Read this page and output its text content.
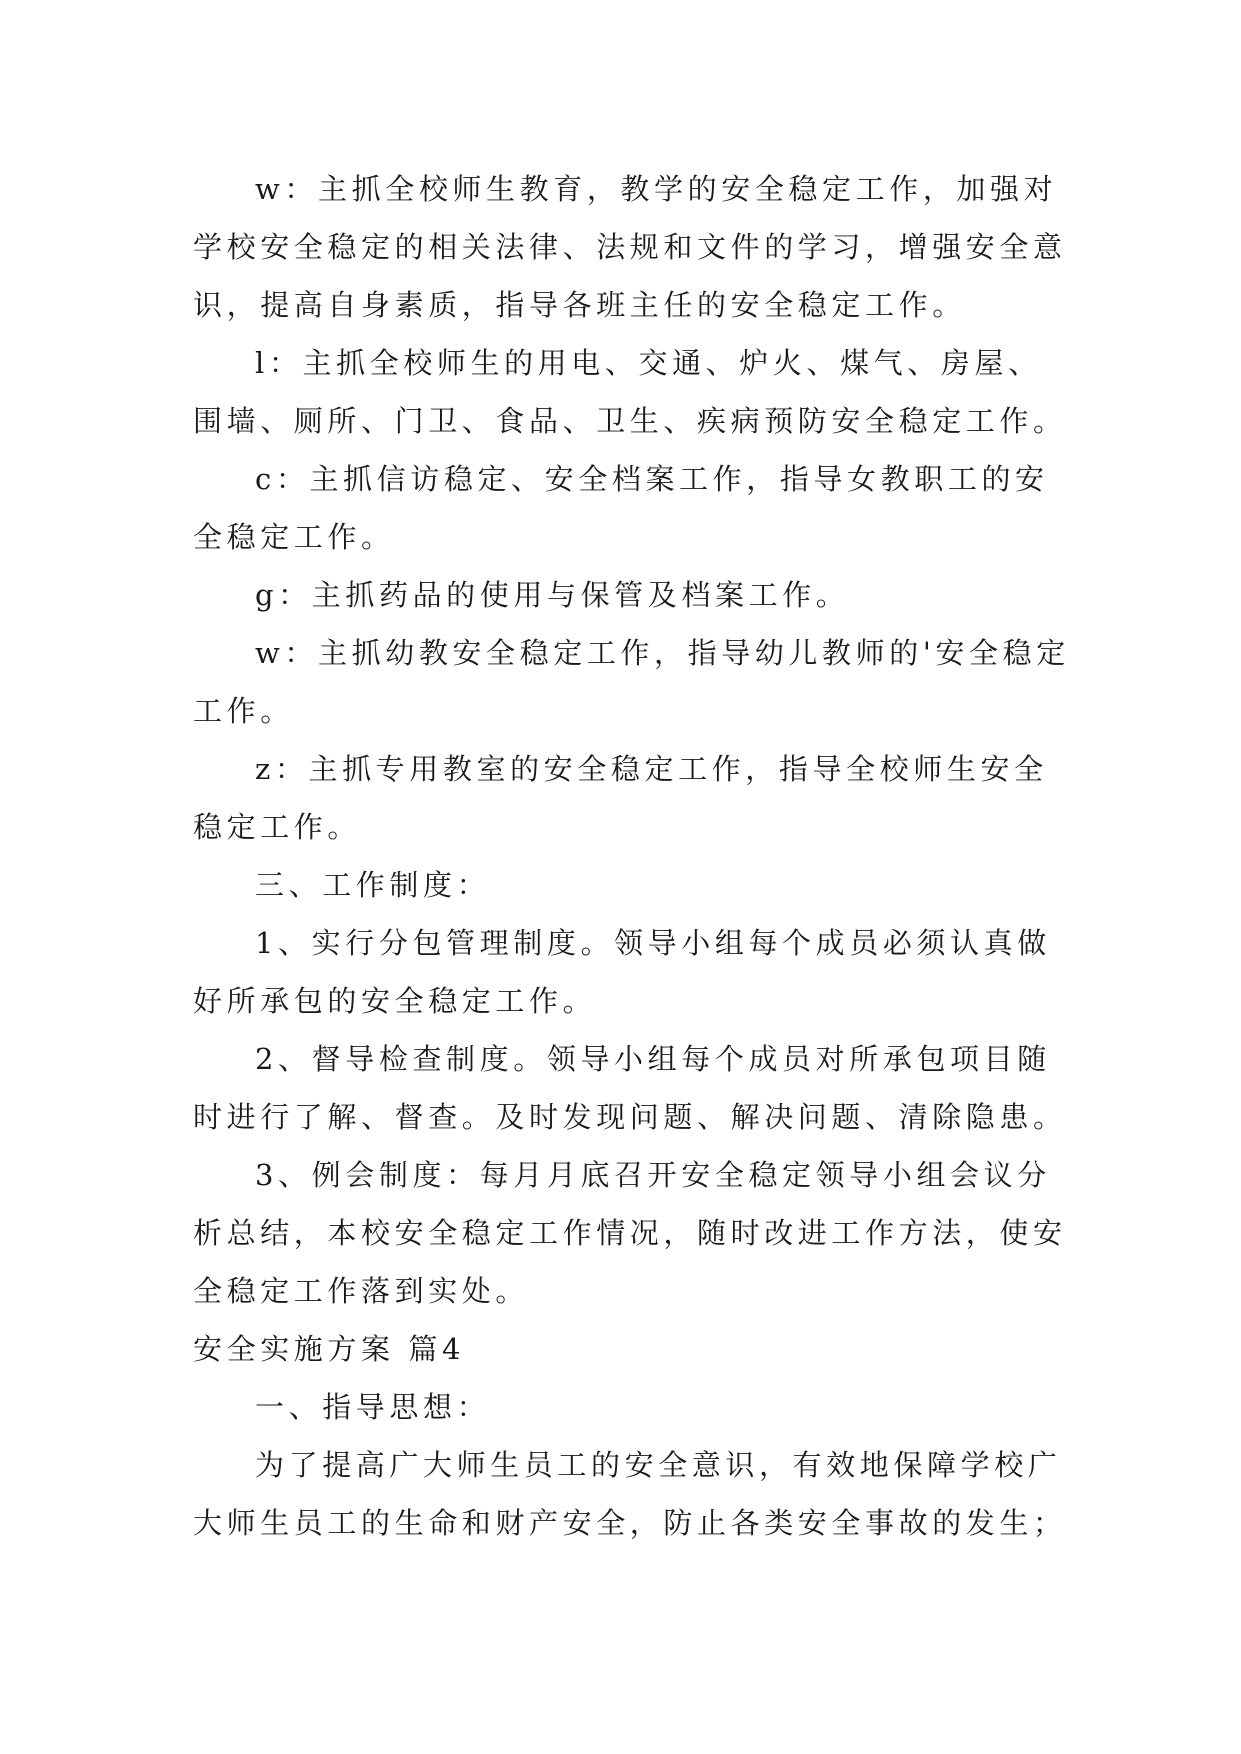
w：主抓全校师生教育，教学的安全稳定工作，加强对学校安全稳定的相关法律、法规和文件的学习，增强安全意识，提高自身素质，指导各班主任的安全稳定工作。

l：主抓全校师生的用电、交通、炉火、煤气、房屋、围墙、厕所、门卫、食品、卫生、疾病预防安全稳定工作。

c：主抓信访稳定、安全档案工作，指导女教职工的安全稳定工作。

g：主抓药品的使用与保管及档案工作。

w：主抓幼教安全稳定工作，指导幼儿教师的'安全稳定工作。

z：主抓专用教室的安全稳定工作，指导全校师生安全稳定工作。

三、工作制度：

1、实行分包管理制度。领导小组每个成员必须认真做好所承包的安全稳定工作。

2、督导检查制度。领导小组每个成员对所承包项目随时进行了解、督查。及时发现问题、解决问题、清除隐患。

3、例会制度：每月月底召开安全稳定领导小组会议分析总结，本校安全稳定工作情况，随时改进工作方法，使安全稳定工作落到实处。

安全实施方案 篇4

一、指导思想：

为了提高广大师生员工的安全意识，有效地保障学校广大师生员工的生命和财产安全，防止各类安全事故的发生；
